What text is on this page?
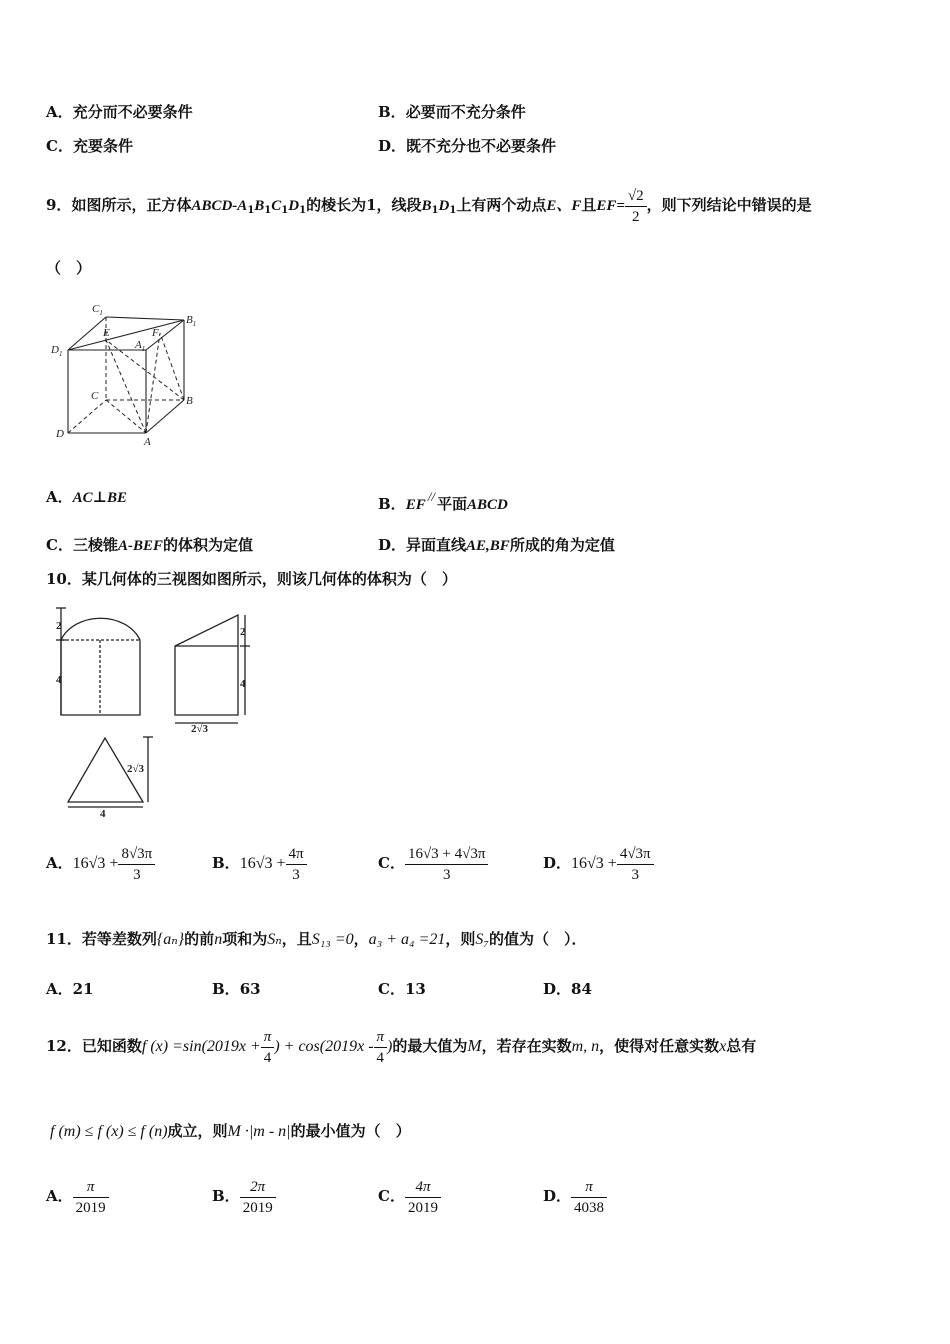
A．充分而不必要条件	B．必要而不充分条件
C．充要条件	D．既不充分也不必要条件
9．如图所示，正方体ABCD-$A_1B_1C_1D_1$的棱长为1，线段$B_1D_1$上有两个动点E、F且$EF= \frac{√2}{2}$ ，则下列结论中错误的是
（　）
$C_1$
$B_1$
$D_1$
$A_1$
E	F
C	B
D
A
A．AC⊥BE	B．EF// 平面ABCD
C．三棱锥A-BEF的体积为定值	D．异面直线AE,BF所成的角为定值
10．某几何体的三视图如图所示，则该几何体的体积为（　）
2
4
2
4
2√3
2√3
4
A．$16√3 + \frac{8√3\pi}{3}$	B．$16√3 + \frac{4\pi}{3}$	C． $\frac{16√3 + 4√3\pi}{3}$	D．$16√3 + \frac{4√3\pi}{3}$
11．若等差数列{aₙ}的前n项和为Sₙ，且S₁₃ =0，a₃ + a₄ =21，则S₇的值为（　）．
A．21	B．63	C．13	D．84
12．已知函数f $(x) =\sin(2019x + \frac{\pi}{4}$ ) + $\cos(2019x - \frac{\pi}{4}$ )的最大值为M，若存在实数m, n，使得对任意实数x总有
f (m) ≤ f (x) ≤ f (n)成立，则M ·|m - n|的最小值为（　）
A． $\frac{\pi}{2019}$	B． $\frac{2\pi}{2019}$	C． $\frac{4\pi}{2019}$	D． $\frac{\pi}{4038}$
